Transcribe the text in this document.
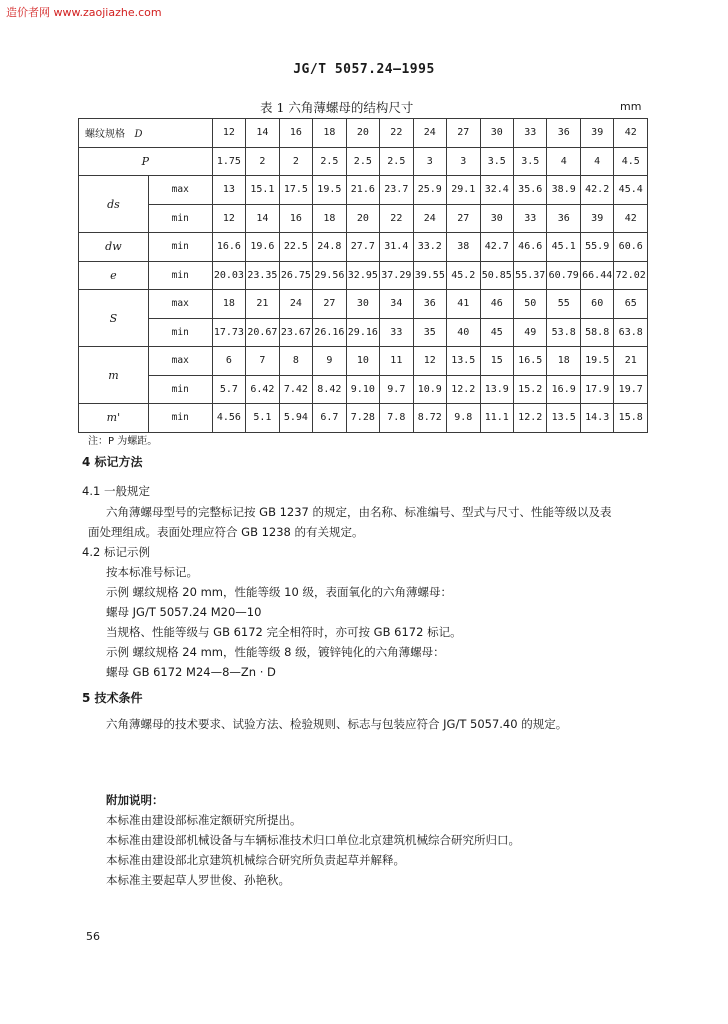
造价者网 www.zaojiazhe.com
JG/T 5057.24—1995
表 1 六角薄螺母的结构尺寸	mm
螺纹规格 D		12	14	16	18	20	22	24	27	30	33	36	39	42
P		1.75	2	2	2.5	2.5	2.5	3	3	3.5	3.5	4	4	4.5
ds	max	13	15.1	17.5	19.5	21.6	23.7	25.9	29.1	32.4	35.6	38.9	42.2	45.4
	min	12	14	16	18	20	22	24	27	30	33	36	39	42
dw	min	16.6	19.6	22.5	24.8	27.7	31.4	33.2	38	42.7	46.6	45.1	55.9	60.6
e	min	20.03	23.35	26.75	29.56	32.95	37.29	39.55	45.2	50.85	55.37	60.79	66.44	72.02
S	max	18	21	24	27	30	34	36	41	46	50	55	60	65
	min	17.73	20.67	23.67	26.16	29.16	33	35	40	45	49	53.8	58.8	63.8
m	max	6	7	8	9	10	11	12	13.5	15	16.5	18	19.5	21
	min	5.7	6.42	7.42	8.42	9.10	9.7	10.9	12.2	13.9	15.2	16.9	17.9	19.7
m'	min	4.56	5.1	5.94	6.7	7.28	7.8	8.72	9.8	11.1	12.2	13.5	14.3	15.8
注：P 为螺距。
4 标记方法
4.1 一般规定
六角薄螺母型号的完整标记按 GB 1237 的规定，由名称、标准编号、型式与尺寸、性能等级以及表
面处理组成。表面处理应符合 GB 1238 的有关规定。
4.2 标记示例
按本标准号标记。
示例 螺纹规格 20 mm，性能等级 10 级，表面氧化的六角薄螺母：
螺母 JG/T 5057.24 M20—10
当规格、性能等级与 GB 6172 完全相符时，亦可按 GB 6172 标记。
示例 螺纹规格 24 mm，性能等级 8 级，镀锌钝化的六角薄螺母：
螺母 GB 6172 M24—8—Zn · D
5 技术条件
六角薄螺母的技术要求、试验方法、检验规则、标志与包装应符合 JG/T 5057.40 的规定。
附加说明：
本标准由建设部标准定额研究所提出。
本标准由建设部机械设备与车辆标准技术归口单位北京建筑机械综合研究所归口。
本标准由建设部北京建筑机械综合研究所负责起草并解释。
本标准主要起草人罗世俊、孙艳秋。
56
